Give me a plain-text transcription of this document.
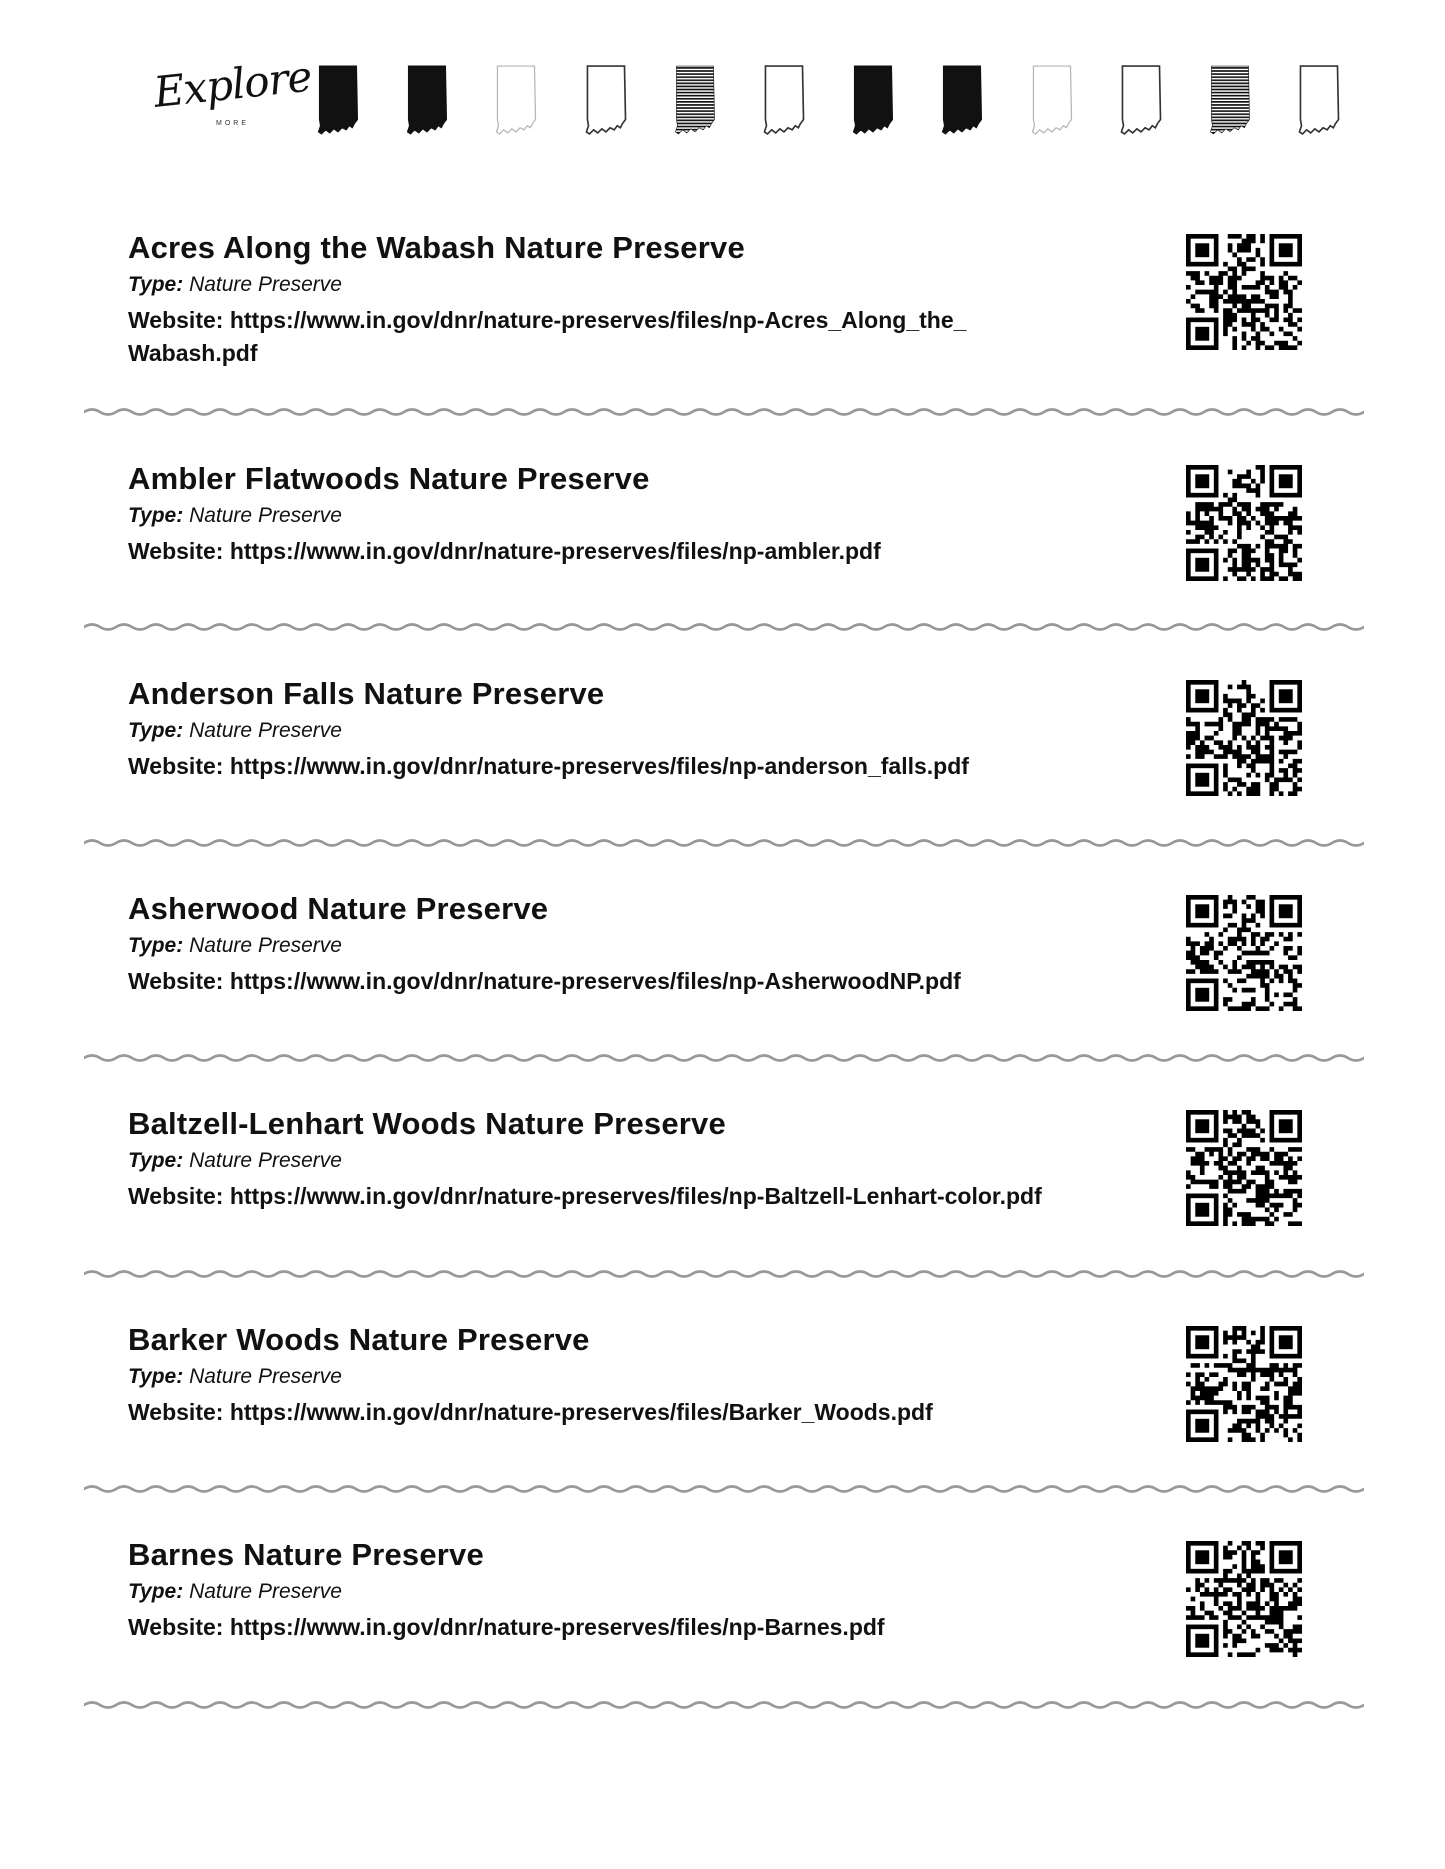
Explore
MORE
Acres Along the Wabash Nature Preserve
Type: Nature Preserve
Website: https://www.in.gov/dnr/nature-preserves/files/np-Acres_Along_the_ Wabash.pdf
Ambler Flatwoods Nature Preserve
Type: Nature Preserve
Website: https://www.in.gov/dnr/nature-preserves/files/np-ambler.pdf
Anderson Falls Nature Preserve
Type: Nature Preserve
Website: https://www.in.gov/dnr/nature-preserves/files/np-anderson_falls.pdf
Asherwood Nature Preserve
Type: Nature Preserve
Website: https://www.in.gov/dnr/nature-preserves/files/np-AsherwoodNP.pdf
Baltzell-Lenhart Woods Nature Preserve
Type: Nature Preserve
Website: https://www.in.gov/dnr/nature-preserves/files/np-Baltzell-Lenhart-color.pdf
Barker Woods Nature Preserve
Type: Nature Preserve
Website: https://www.in.gov/dnr/nature-preserves/files/Barker_Woods.pdf
Barnes Nature Preserve
Type: Nature Preserve
Website: https://www.in.gov/dnr/nature-preserves/files/np-Barnes.pdf
